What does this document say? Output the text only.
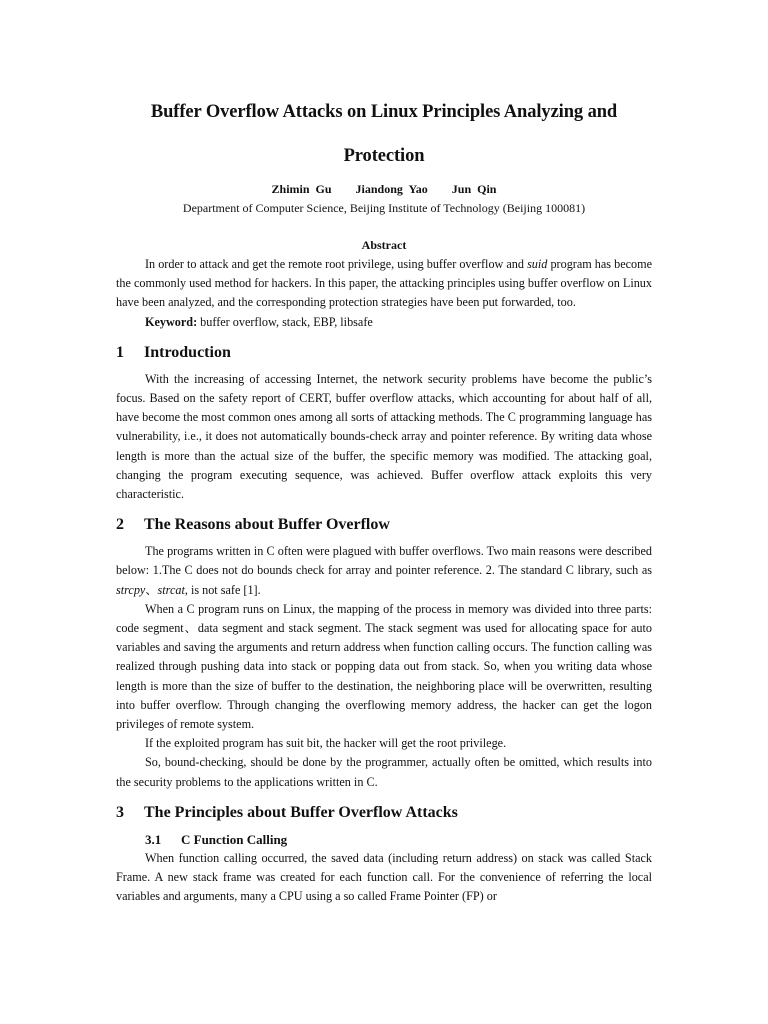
Buffer Overflow Attacks on Linux Principles Analyzing and
Protection
Zhimin Gu    Jiandong Yao    Jun Qin
Department of Computer Science, Beijing Institute of Technology (Beijing 100081)
Abstract

In order to attack and get the remote root privilege, using buffer overflow and suid program has become the commonly used method for hackers. In this paper, the attacking principles using buffer overflow on Linux have been analyzed, and the corresponding protection strategies have been put forwarded, too.

Keyword: buffer overflow, stack, EBP, libsafe

1 Introduction

With the increasing of accessing Internet, the network security problems have become the public’s focus. Based on the safety report of CERT, buffer overflow attacks, which accounting for about half of all, have become the most common ones among all sorts of attacking methods. The C programming language has vulnerability, i.e., it does not automatically bounds-check array and pointer reference. By writing data whose length is more than the actual size of the buffer, the specific memory was modified. The attacking goal, changing the program executing sequence, was achieved. Buffer overflow attack exploits this very characteristic.

2 The Reasons about Buffer Overflow

The programs written in C often were plagued with buffer overflows. Two main reasons were described below: 1.The C does not do bounds check for array and pointer reference. 2. The standard C library, such as strcpy、strcat, is not safe [1].

When a C program runs on Linux, the mapping of the process in memory was divided into three parts: code segment、data segment and stack segment. The stack segment was used for allocating space for auto variables and saving the arguments and return address when function calling occurs. The function calling was realized through pushing data into stack or popping data out from stack. So, when you writing data whose length is more than the size of buffer to the destination, the neighboring place will be overwritten, resulting into buffer overflow. Through changing the overflowing memory address, the hacker can get the logon privileges of remote system.

If the exploited program has suit bit, the hacker will get the root privilege.

So, bound-checking, should be done by the programmer, actually often be omitted, which results into the security problems to the applications written in C.

3 The Principles about Buffer Overflow Attacks
3.1 C Function Calling

When function calling occurred, the saved data (including return address) on stack was called Stack Frame. A new stack frame was created for each function call. For the convenience of referring the local variables and arguments, many a CPU using a so called Frame Pointer (FP) or
